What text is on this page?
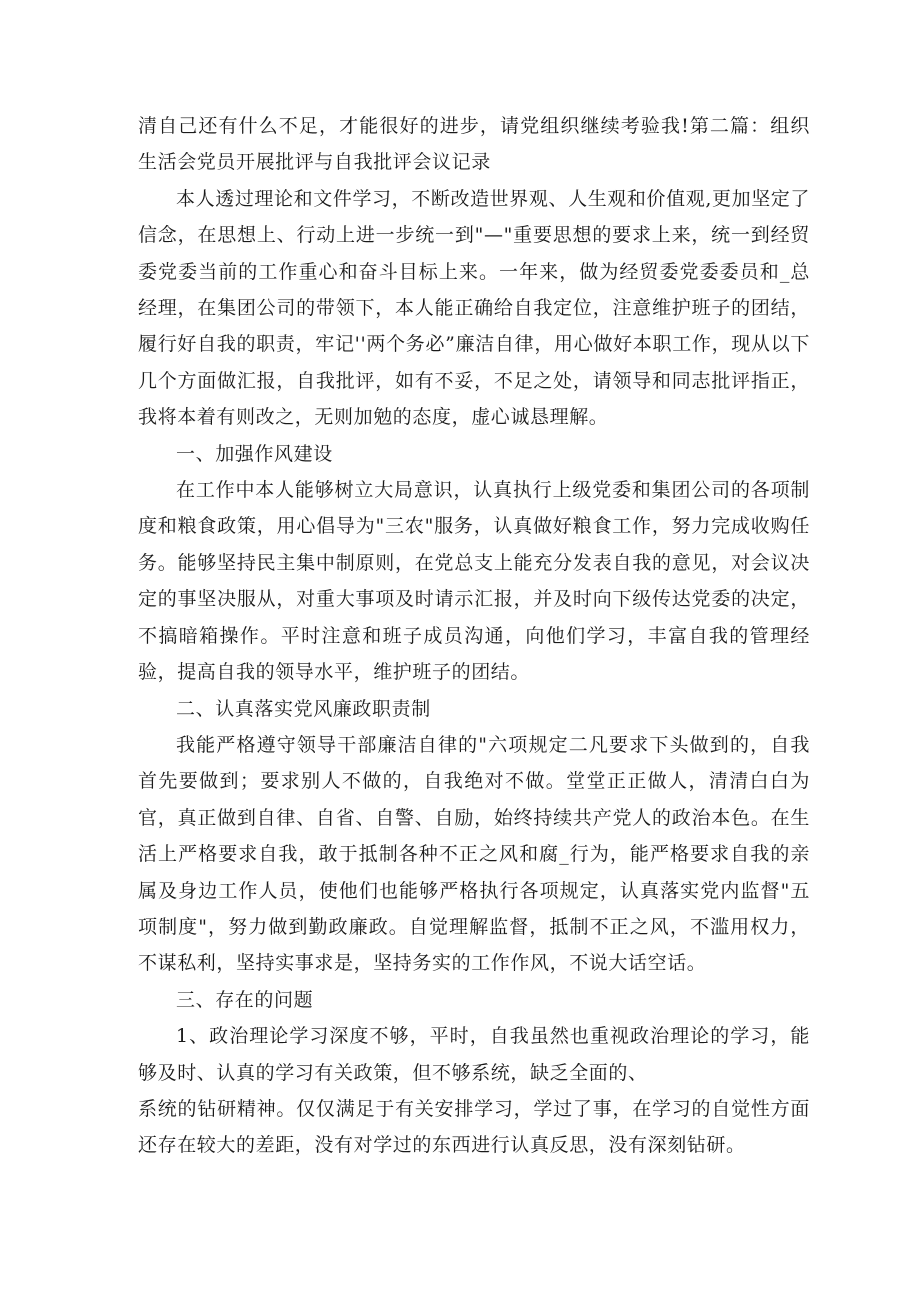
清自己还有什么不足，才能很好的进步，请党组织继续考验我!第二篇：组织生活会党员开展批评与自我批评会议记录

本人透过理论和文件学习，不断改造世界观、人生观和价值观,更加坚定了信念，在思想上、行动上进一步统一到"—"重要思想的要求上来，统一到经贸委党委当前的工作重心和奋斗目标上来。一年来，做为经贸委党委委员和_总经理，在集团公司的带领下，本人能正确给自我定位，注意维护班子的团结，履行好自我的职责，牢记''两个务必”廉洁自律，用心做好本职工作，现从以下几个方面做汇报，自我批评，如有不妥，不足之处，请领导和同志批评指正，我将本着有则改之，无则加勉的态度，虚心诚恳理解。

一、加强作风建设

在工作中本人能够树立大局意识，认真执行上级党委和集团公司的各项制度和粮食政策，用心倡导为"三农"服务，认真做好粮食工作，努力完成收购任务。能够坚持民主集中制原则，在党总支上能充分发表自我的意见，对会议决定的事坚决服从，对重大事项及时请示汇报，并及时向下级传达党委的决定，不搞暗箱操作。平时注意和班子成员沟通，向他们学习，丰富自我的管理经验，提高自我的领导水平，维护班子的团结。

二、认真落实党风廉政职责制

我能严格遵守领导干部廉洁自律的"六项规定二凡要求下头做到的，自我首先要做到；要求别人不做的，自我绝对不做。堂堂正正做人，清清白白为官，真正做到自律、自省、自警、自励，始终持续共产党人的政治本色。在生活上严格要求自我，敢于抵制各种不正之风和腐_行为，能严格要求自我的亲属及身边工作人员，使他们也能够严格执行各项规定，认真落实党内监督"五项制度"，努力做到勤政廉政。自觉理解监督，抵制不正之风，不滥用权力，不谋私利，坚持实事求是，坚持务实的工作作风，不说大话空话。

三、存在的问题

1、政治理论学习深度不够，平时，自我虽然也重视政治理论的学习，能够及时、认真的学习有关政策，但不够系统，缺乏全面的、

系统的钻研精神。仅仅满足于有关安排学习，学过了事，在学习的自觉性方面还存在较大的差距，没有对学过的东西进行认真反思，没有深刻钻研。
